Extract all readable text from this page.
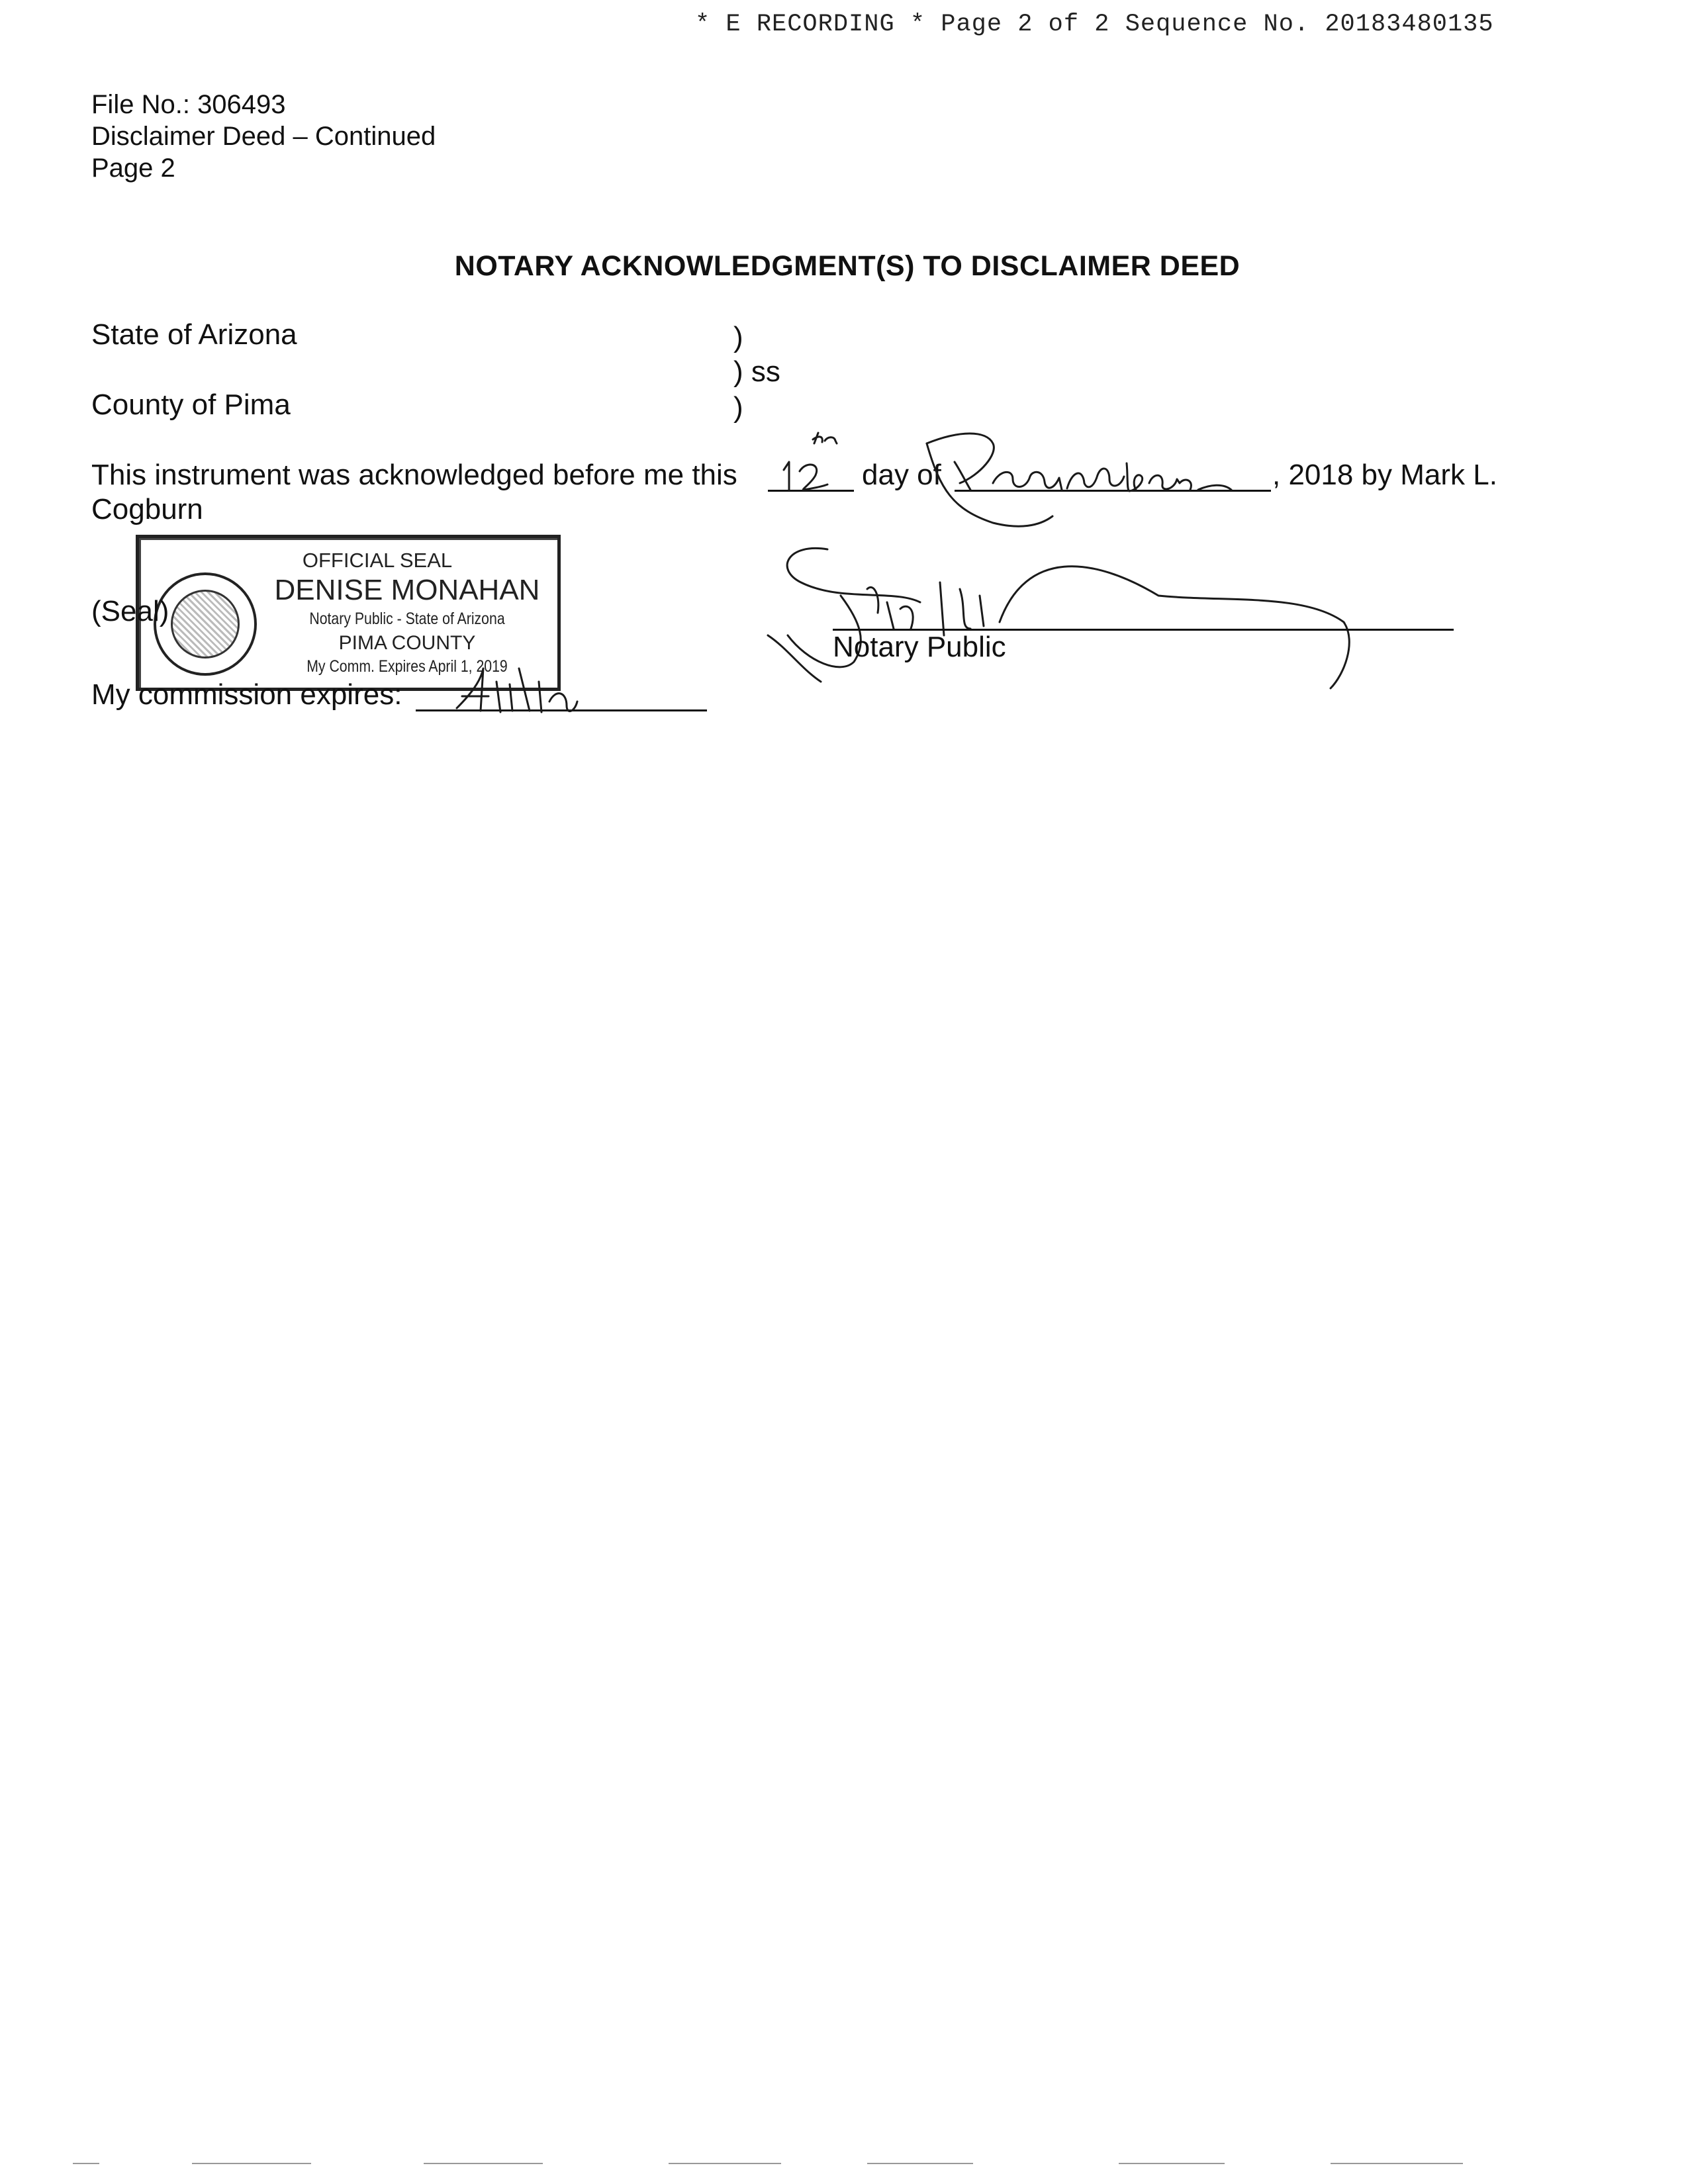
* E RECORDING * Page 2 of 2 Sequence No. 20183480135
File No.: 306493
Disclaimer Deed – Continued
Page 2
NOTARY ACKNOWLEDGMENT(S) TO DISCLAIMER DEED
State of Arizona	)
) ss
County of Pima	)
This instrument was acknowledged before me this	day of	, 2018 by Mark L.
Cogburn
OFFICIAL SEAL
DENISE MONAHAN
Notary Public - State of Arizona
PIMA COUNTY
My Comm. Expires April 1, 2019
(Seal)
My commission expires:
Notary Public
